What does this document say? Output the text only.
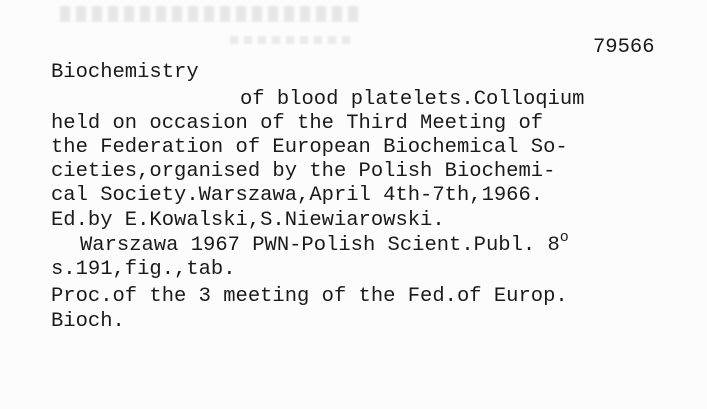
79566
Biochemistry
of blood platelets.Colloqium
held on occasion of the Third Meeting of
the Federation of European Biochemical So-
cieties,organised by the Polish Biochemi-
cal Society.Warszawa,April 4th-7th,1966.
Ed.by E.Kowalski,S.Niewiarowski.
Warszawa 1967 PWN-Polish Scient.Publ. 8$^o$
s.191,fig.,tab.
Proc.of the 3 meeting of the Fed.of Europ.
Bioch.
